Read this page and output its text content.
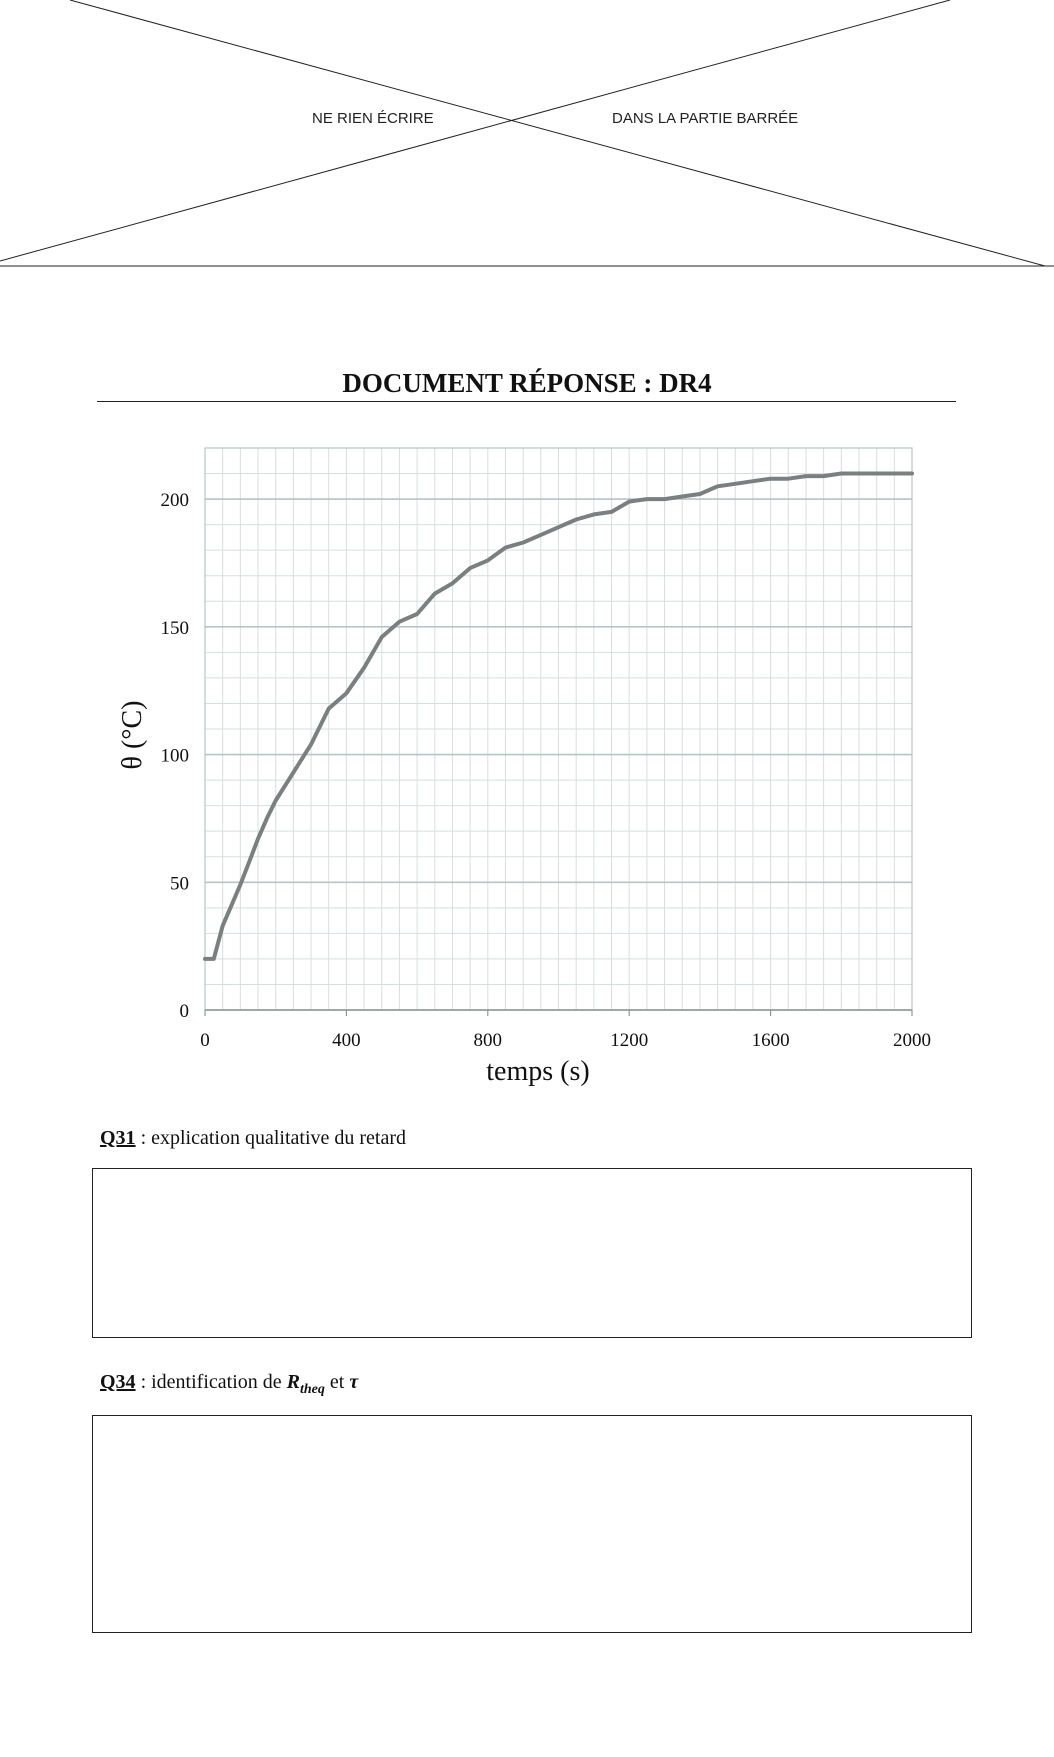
NE RIEN ÉCRIRE	DANS LA PARTIE BARRÉE
DOCUMENT RÉPONSE : DR4
0	400	800	1200	1600	2000
0
50
100
150
200
temps (s)
θ (°C)
Q31 : explication qualitative du retard
Q34 : identification de $R_{theq}$ et τ
